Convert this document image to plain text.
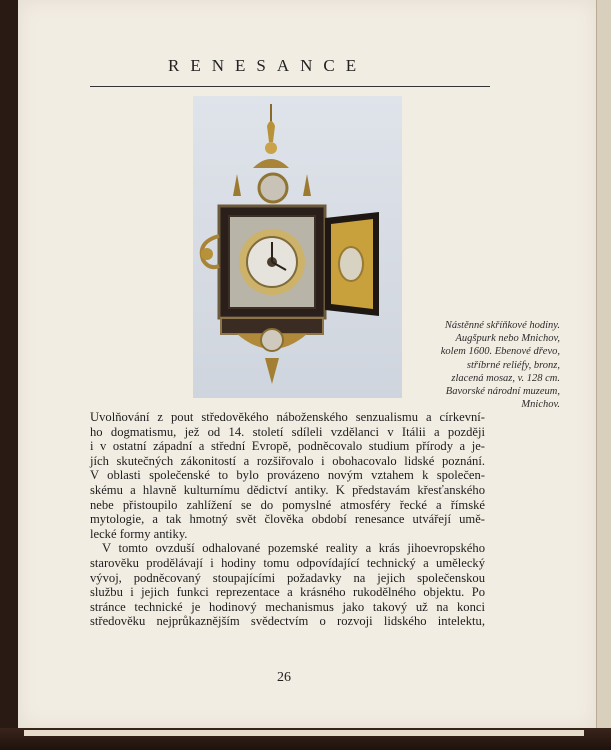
RENESANCE

Nástěnné skříňkové hodiny.
Augšpurk nebo Mnichov,
kolem 1600. Ebenové dřevo,
stříbrné reliéfy, bronz,
zlacená mosaz, v. 128 cm.
Bavorské národní muzeum,
Mnichov.

Uvolňování z pout středověkého náboženského senzualismu a církevní-
ho dogmatismu, jež od 14. století sdíleli vzdělanci v Itálii a později
i v ostatní západní a střední Evropě, podněcovalo studium přírody a je-
jích skutečných zákonitostí a rozšiřovalo i obohacovalo lidské poznání.
V oblasti společenské to bylo provázeno novým vztahem k společen-
skému a hlavně kulturnímu dědictví antiky. K představám křesťanského
nebe přistoupilo zahlížení se do pomyslné atmosféry řecké a římské
mytologie, a tak hmotný svět člověka období renesance utvářejí umě-
lecké formy antiky.
V tomto ovzduší odhalované pozemské reality a krás jihoevropského
starověku prodělávají i hodiny tomu odpovídající technický a umělecký
vývoj, podněcovaný stoupajícími požadavky na jejich společenskou
službu i jejich funkci reprezentace a krásného rukodělného objektu. Po
stránce technické je hodinový mechanismus jako takový už na konci
středověku nejprůkaznějším svědectvím o rozvoji lidského intelektu,
26
